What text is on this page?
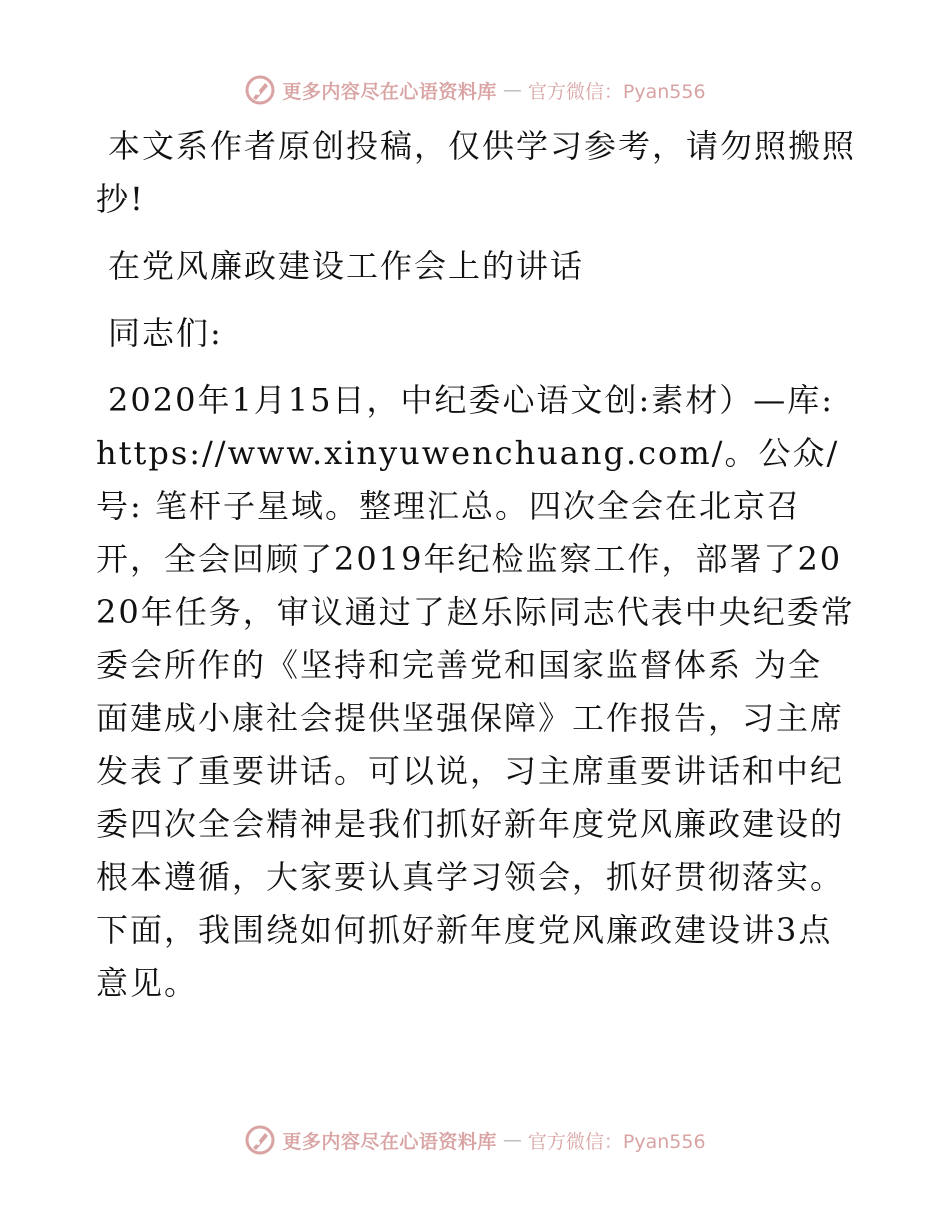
更多内容尽在心语资料库 — 官方微信：Pyan556

本文系作者原创投稿，仅供学习参考，请勿照搬照抄!

在党风廉政建设工作会上的讲话

同志们:

2020年1月15日，中纪委心语文创:素材）—库: https://www.xinyuwenchuang.com/。公众/号: 笔杆子星域。整理汇总。四次全会在北京召开，全会回顾了2019年纪检监察工作，部署了2020年任务，审议通过了赵乐际同志代表中央纪委常委会所作的《坚持和完善党和国家监督体系 为全面建成小康社会提供坚强保障》工作报告，习主席发表了重要讲话。可以说，习主席重要讲话和中纪委四次全会精神是我们抓好新年度党风廉政建设的根本遵循，大家要认真学习领会，抓好贯彻落实。下面，我围绕如何抓好新年度党风廉政建设讲3点意见。

更多内容尽在心语资料库 — 官方微信：Pyan556
